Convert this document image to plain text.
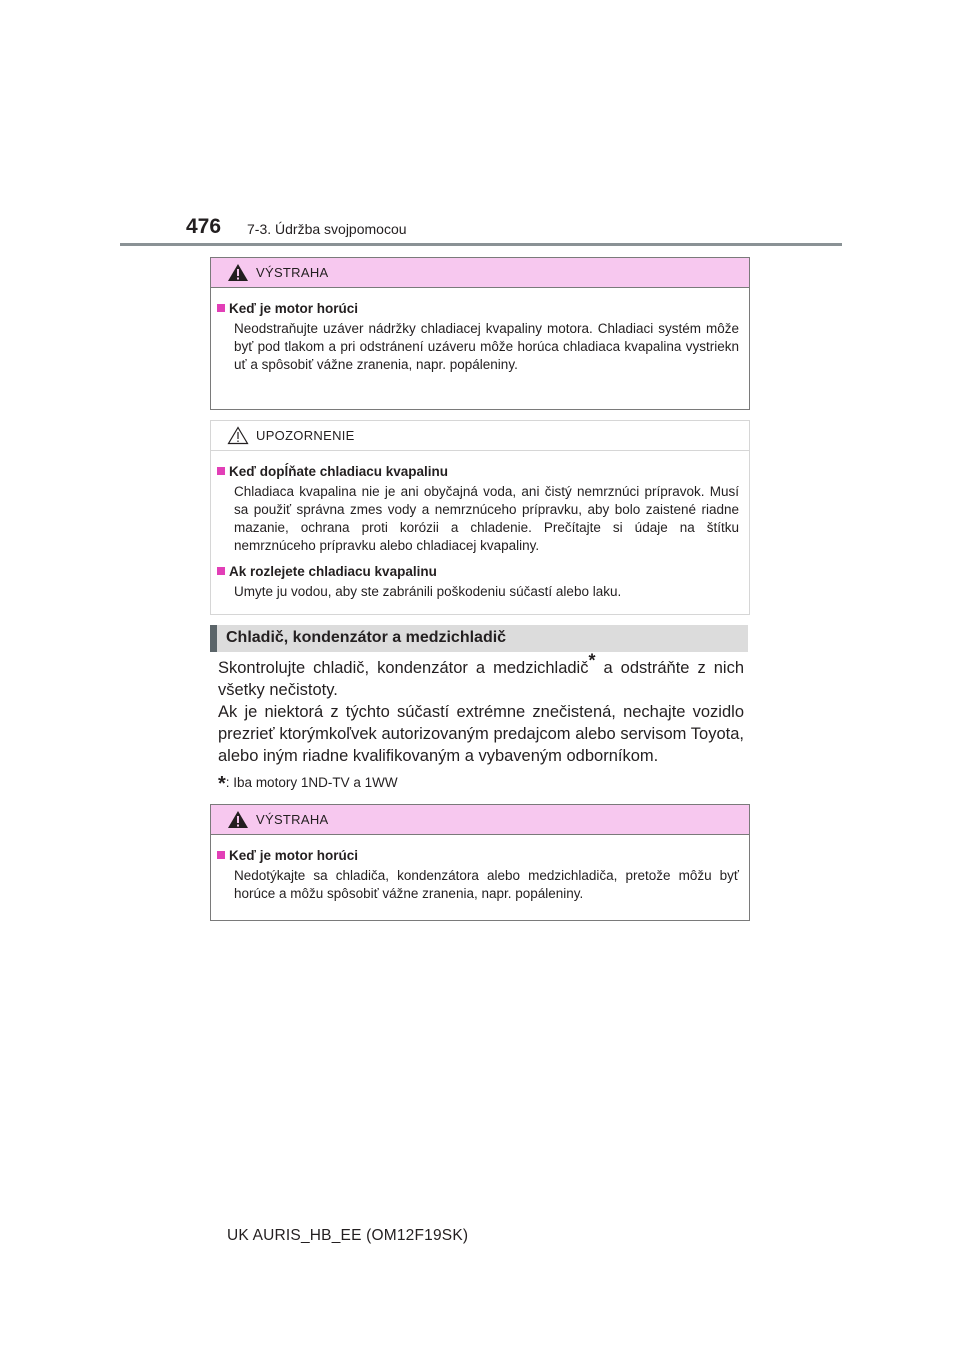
476 7-3. Údržba svojpomocou
VÝSTRAHA
Keď je motor horúci
Neodstraňujte uzáver nádržky chladiacej kvapaliny motora. Chladiaci systém môže byť pod tlakom a pri odstránení uzáveru môže horúca chladiaca kvapalina vystriekn uť a spôsobiť vážne zranenia, napr. popáleniny.
UPOZORNENIE
Keď dopĺňate chladiacu kvapalinu
Chladiaca kvapalina nie je ani obyčajná voda, ani čistý nemrznúci prípravok. Musí sa použiť správna zmes vody a nemrznúceho prípravku, aby bolo zaistené riadne mazanie, ochrana proti korózii a chladenie. Prečítajte si údaje na štítku nemrznúceho prípravku alebo chladiacej kvapaliny.
Ak rozlejete chladiacu kvapalinu
Umyte ju vodou, aby ste zabránili poškodeniu súčastí alebo laku.
Chladič, kondenzátor a medzichladič

Skontrolujte chladič, kondenzátor a medzichladič* a odstráňte z nich všetky nečistoty.

Ak je niektorá z týchto súčastí extrémne znečistená, nechajte vozidlo prezrieť ktorýmkoľvek autorizovaným predajcom alebo servisom Toyota, alebo iným riadne kvalifikovaným a vybaveným odborníkom.

*: Iba motory 1ND-TV a 1WW
VÝSTRAHA
Keď je motor horúci
Nedotýkajte sa chladiča, kondenzátora alebo medzichladiča, pretože môžu byť horúce a môžu spôsobiť vážne zranenia, napr. popáleniny.
UK AURIS_HB_EE (OM12F19SK)
